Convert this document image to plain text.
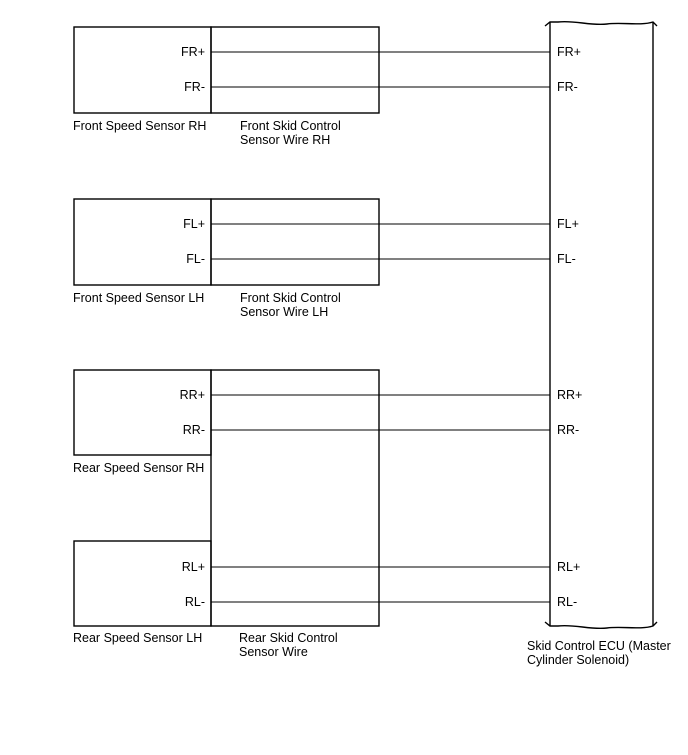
FR+
FR-
FR+
FR-
Front Speed Sensor RH	Front Skid Control
Sensor Wire RH
FL+
FL-
FL+
FL-
Front Speed Sensor LH	Front Skid Control
Sensor Wire LH
RR+
RR-
RL+
RL-
RR+
RR-
RL+
RL-
Rear Speed Sensor RH
Rear Speed Sensor LH	Rear Skid Control
Sensor Wire	Skid Control ECU (Master
Cylinder Solenoid)
